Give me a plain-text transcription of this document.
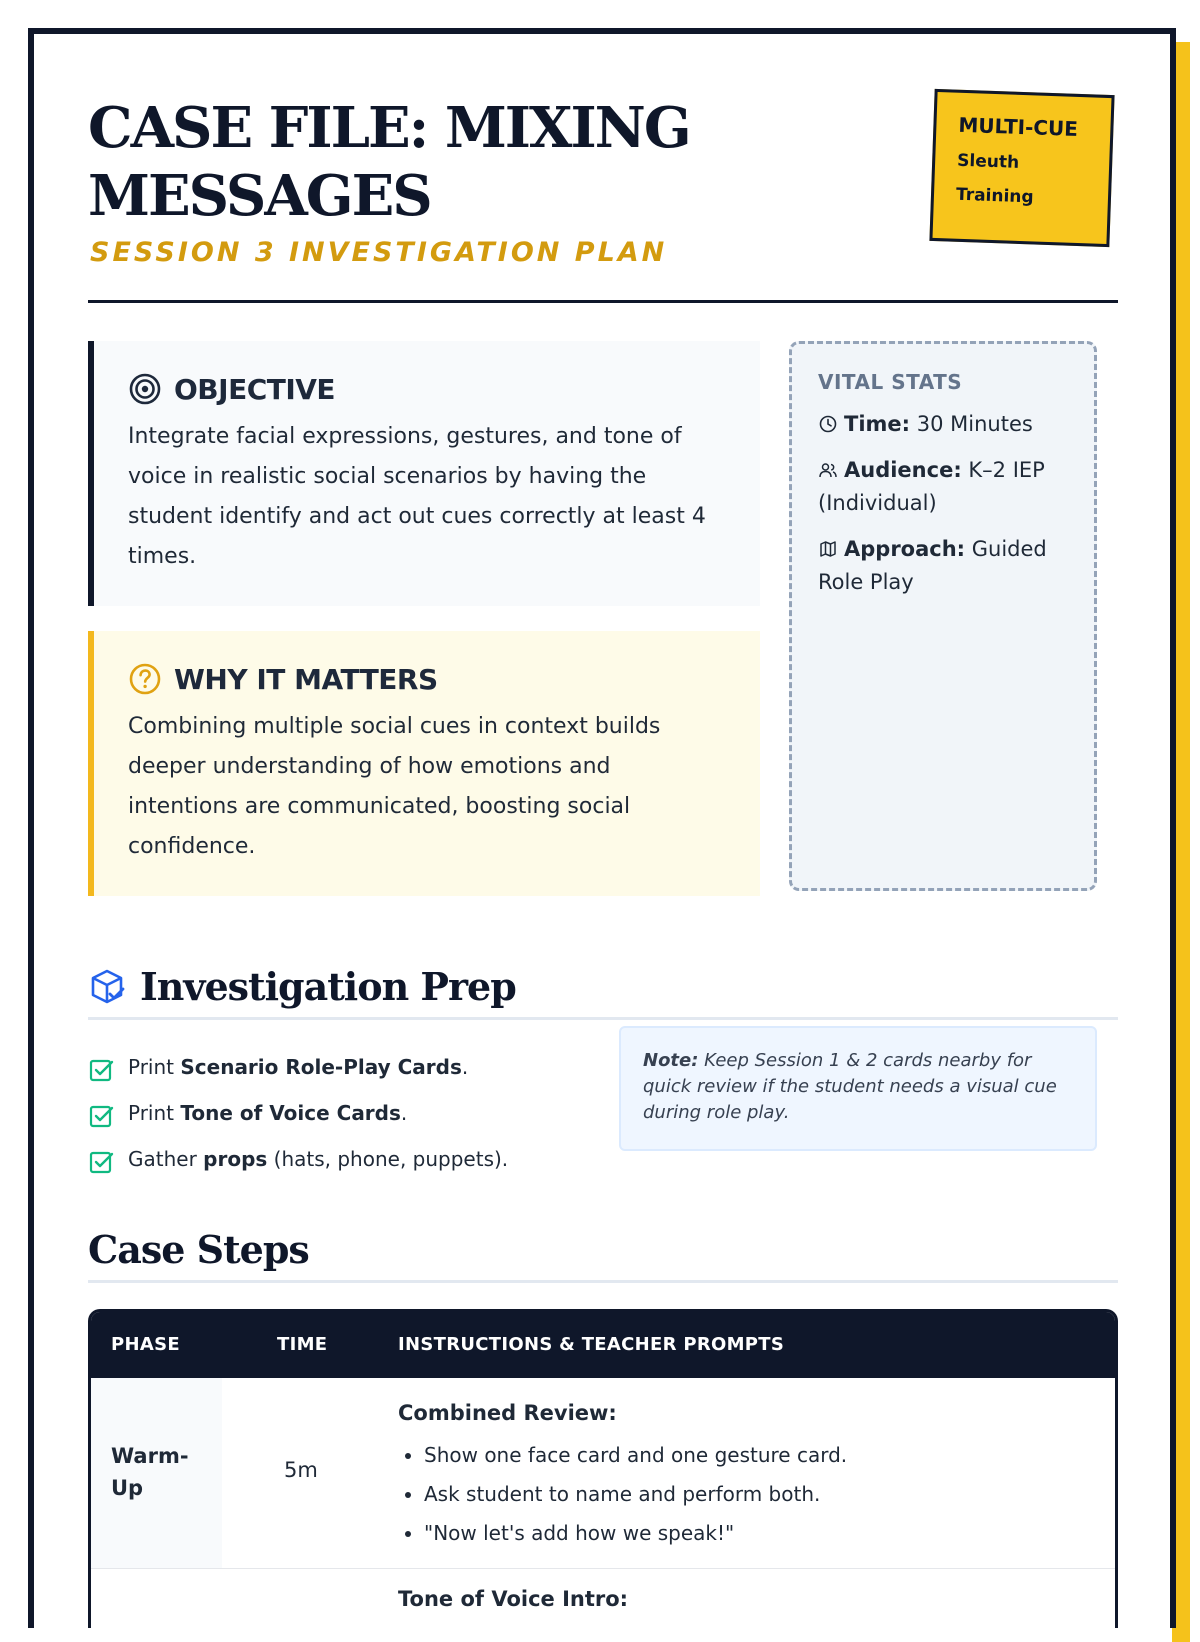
CASE FILE: MIXING MESSAGES
SESSION 3 INVESTIGATION PLAN
MULTI-CUE
Sleuth
Training
OBJECTIVE

Integrate facial expressions, gestures, and tone of voice in realistic social scenarios by having the student identify and act out cues correctly at least 4 times.

WHY IT MATTERS

Combining multiple social cues in context builds deeper understanding of how emotions and intentions are communicated, boosting social confidence.

VITAL STATS
Time: 30 Minutes
Audience: K–2 IEP (Individual)
Approach: Guided Role Play
Investigation Prep
Print Scenario Role-Play Cards.
Print Tone of Voice Cards.
Gather props (hats, phone, puppets).
Note: Keep Session 1 & 2 cards nearby for quick review if the student needs a visual cue during role play.
Case Steps
PHASE	TIME	INSTRUCTIONS & TEACHER PROMPTS
Warm-Up
5m
Combined Review:
• Show one face card and one gesture card.
• Ask student to name and perform both.
• "Now let's add how we speak!"
Tone of Voice Intro:
